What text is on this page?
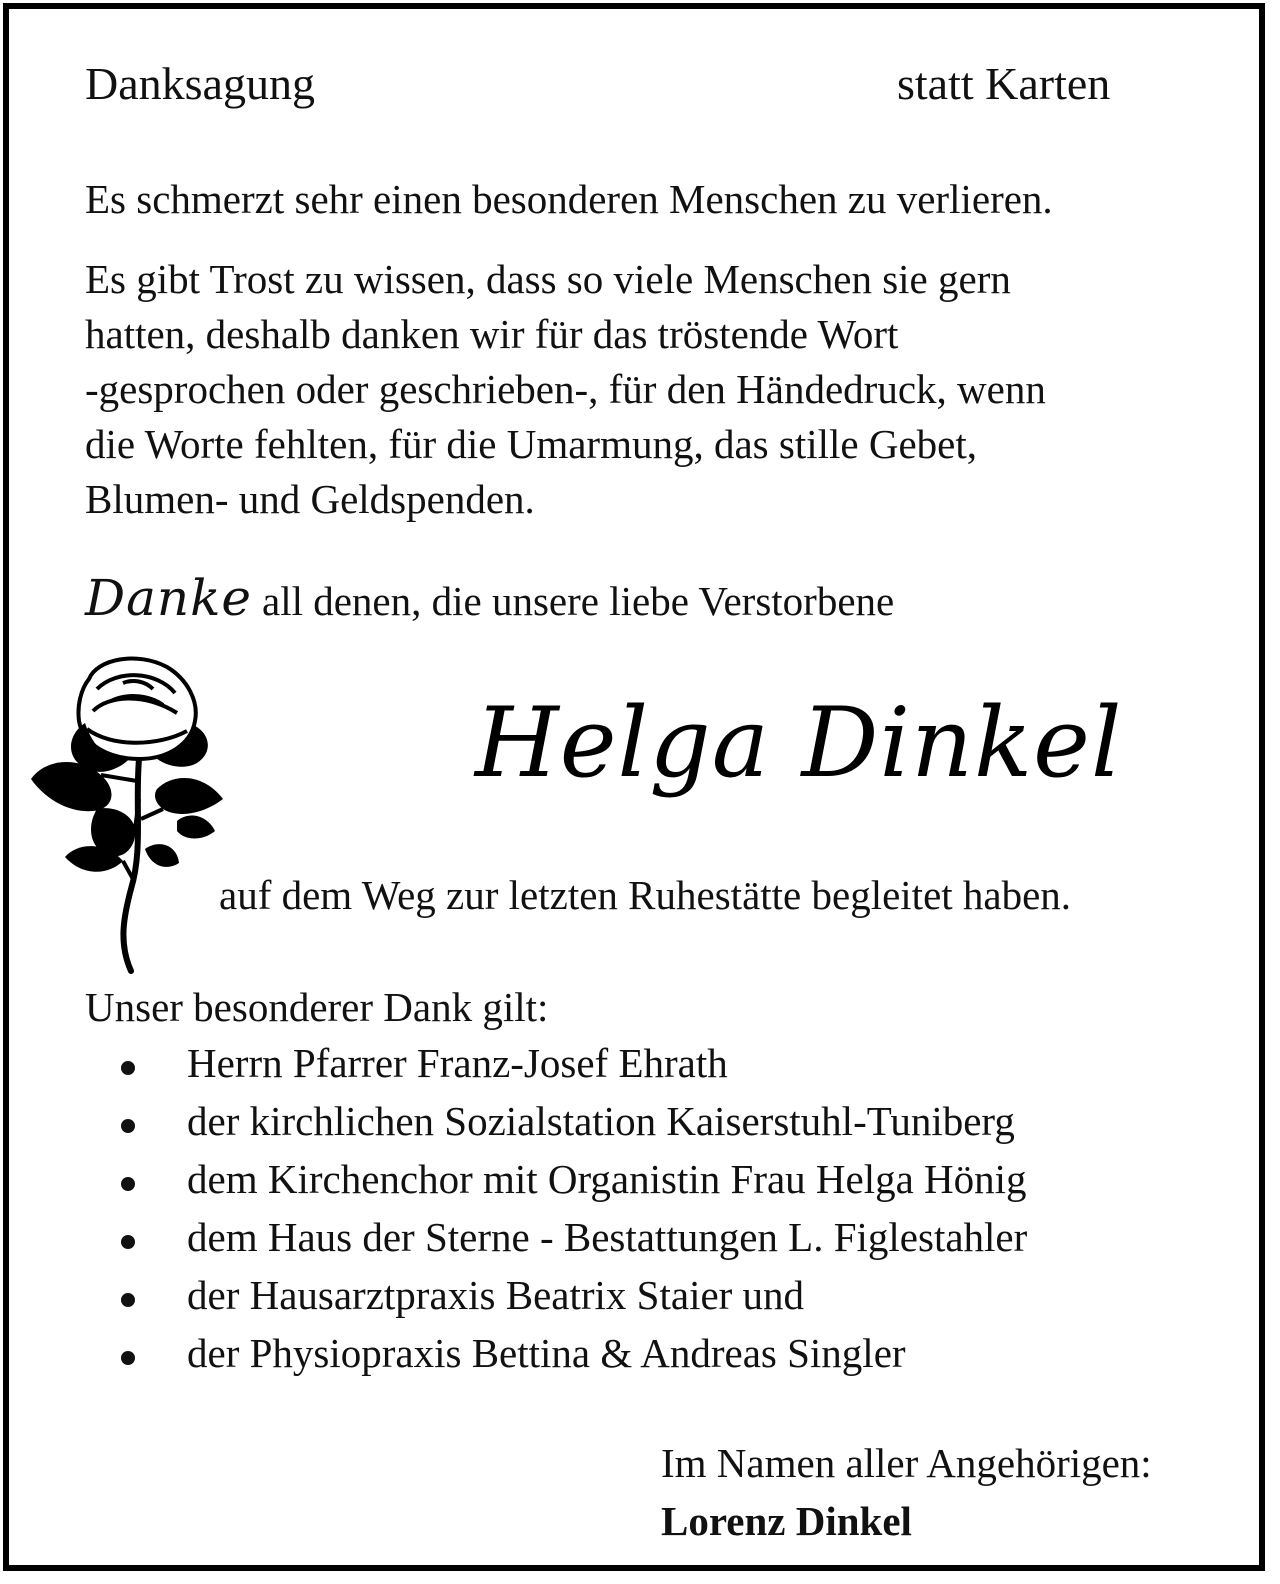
Danksagung	statt Karten
Es schmerzt sehr einen besonderen Menschen zu verlieren.
Es gibt Trost zu wissen, dass so viele Menschen sie gern
hatten, deshalb danken wir für das tröstende Wort
-gesprochen oder geschrieben-, für den Händedruck, wenn
die Worte fehlten, für die Umarmung, das stille Gebet,
Blumen- und Geldspenden.
Danke all denen, die unsere liebe Verstorbene
Helga Dinkel
auf dem Weg zur letzten Ruhestätte begleitet haben.
Unser besonderer Dank gilt:
Herrn Pfarrer Franz-Josef Ehrath
der kirchlichen Sozialstation Kaiserstuhl-Tuniberg
dem Kirchenchor mit Organistin Frau Helga Hönig
dem Haus der Sterne - Bestattungen L. Figlestahler
der Hausarztpraxis Beatrix Staier und
der Physiopraxis Bettina & Andreas Singler
Im Namen aller Angehörigen:
Lorenz Dinkel
